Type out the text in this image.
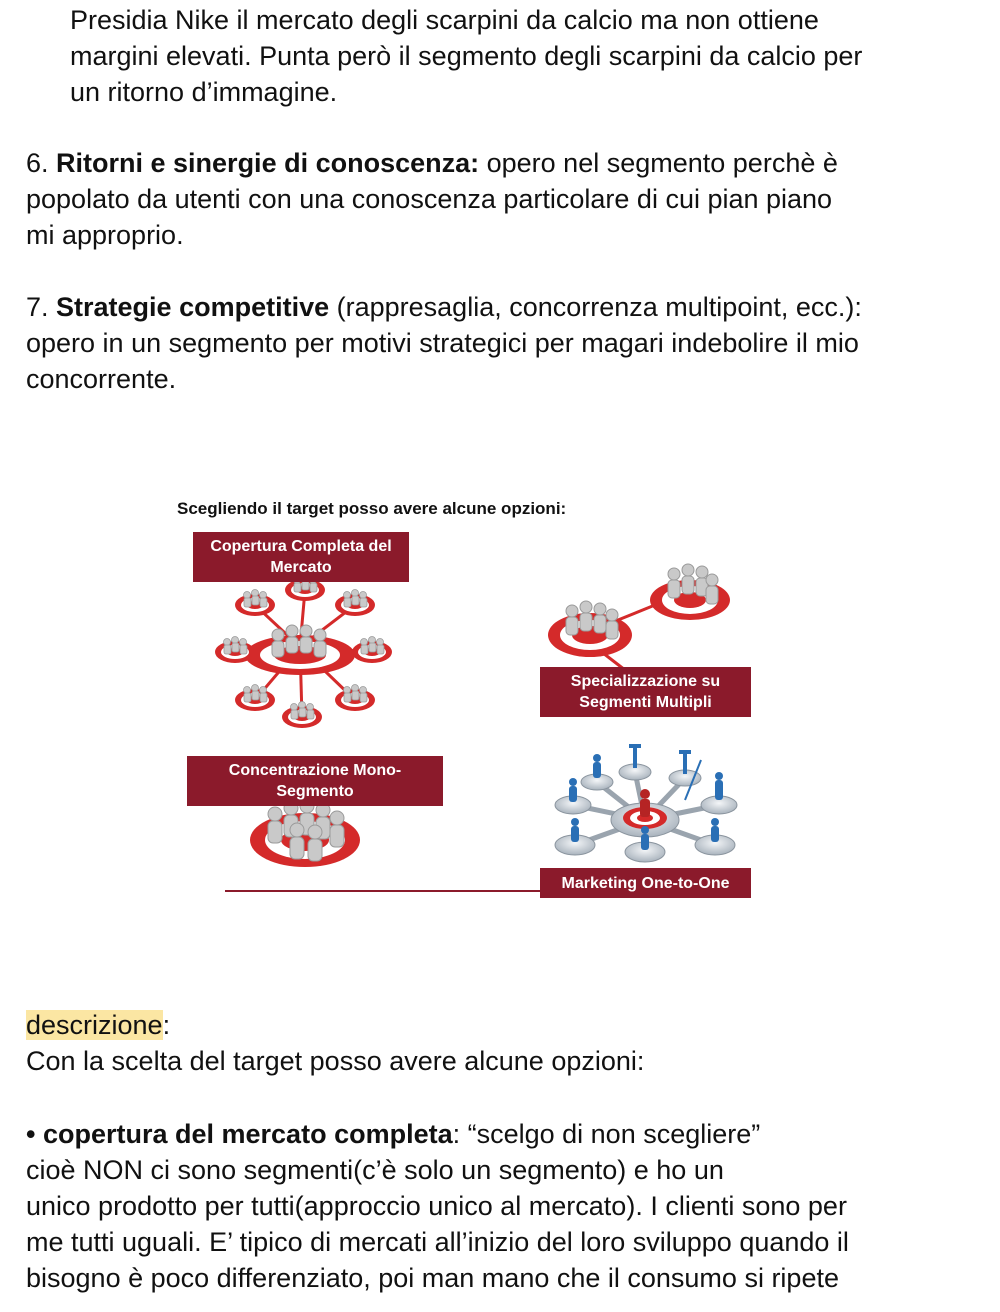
Presidia Nike il mercato degli scarpini da calcio ma non ottiene
margini elevati. Punta però il segmento degli scarpini da calcio per
un ritorno d’immagine.
6. Ritorni e sinergie di conoscenza: opero nel segmento perchè è
popolato da utenti con una conoscenza particolare di cui pian piano
mi approprio.
7. Strategie competitive (rappresaglia, concorrenza multipoint, ecc.):
opero in un segmento per motivi strategici per magari indebolire il mio
concorrente.
Scegliendo il target posso avere alcune opzioni:
Copertura Completa del
Mercato
Specializzazione su
Segmenti Multipli
Concentrazione Mono-
Segmento
Marketing One-to-One
descrizione:
Con la scelta del target posso avere alcune opzioni:
• copertura del mercato completa: “scelgo di non scegliere”
cioè NON ci sono segmenti(c’è solo un segmento) e ho un
unico prodotto per tutti(approccio unico al mercato). I clienti sono per
me tutti uguali. E’ tipico di mercati all’inizio del loro sviluppo quando il
bisogno è poco differenziato, poi man mano che il consumo si ripete
